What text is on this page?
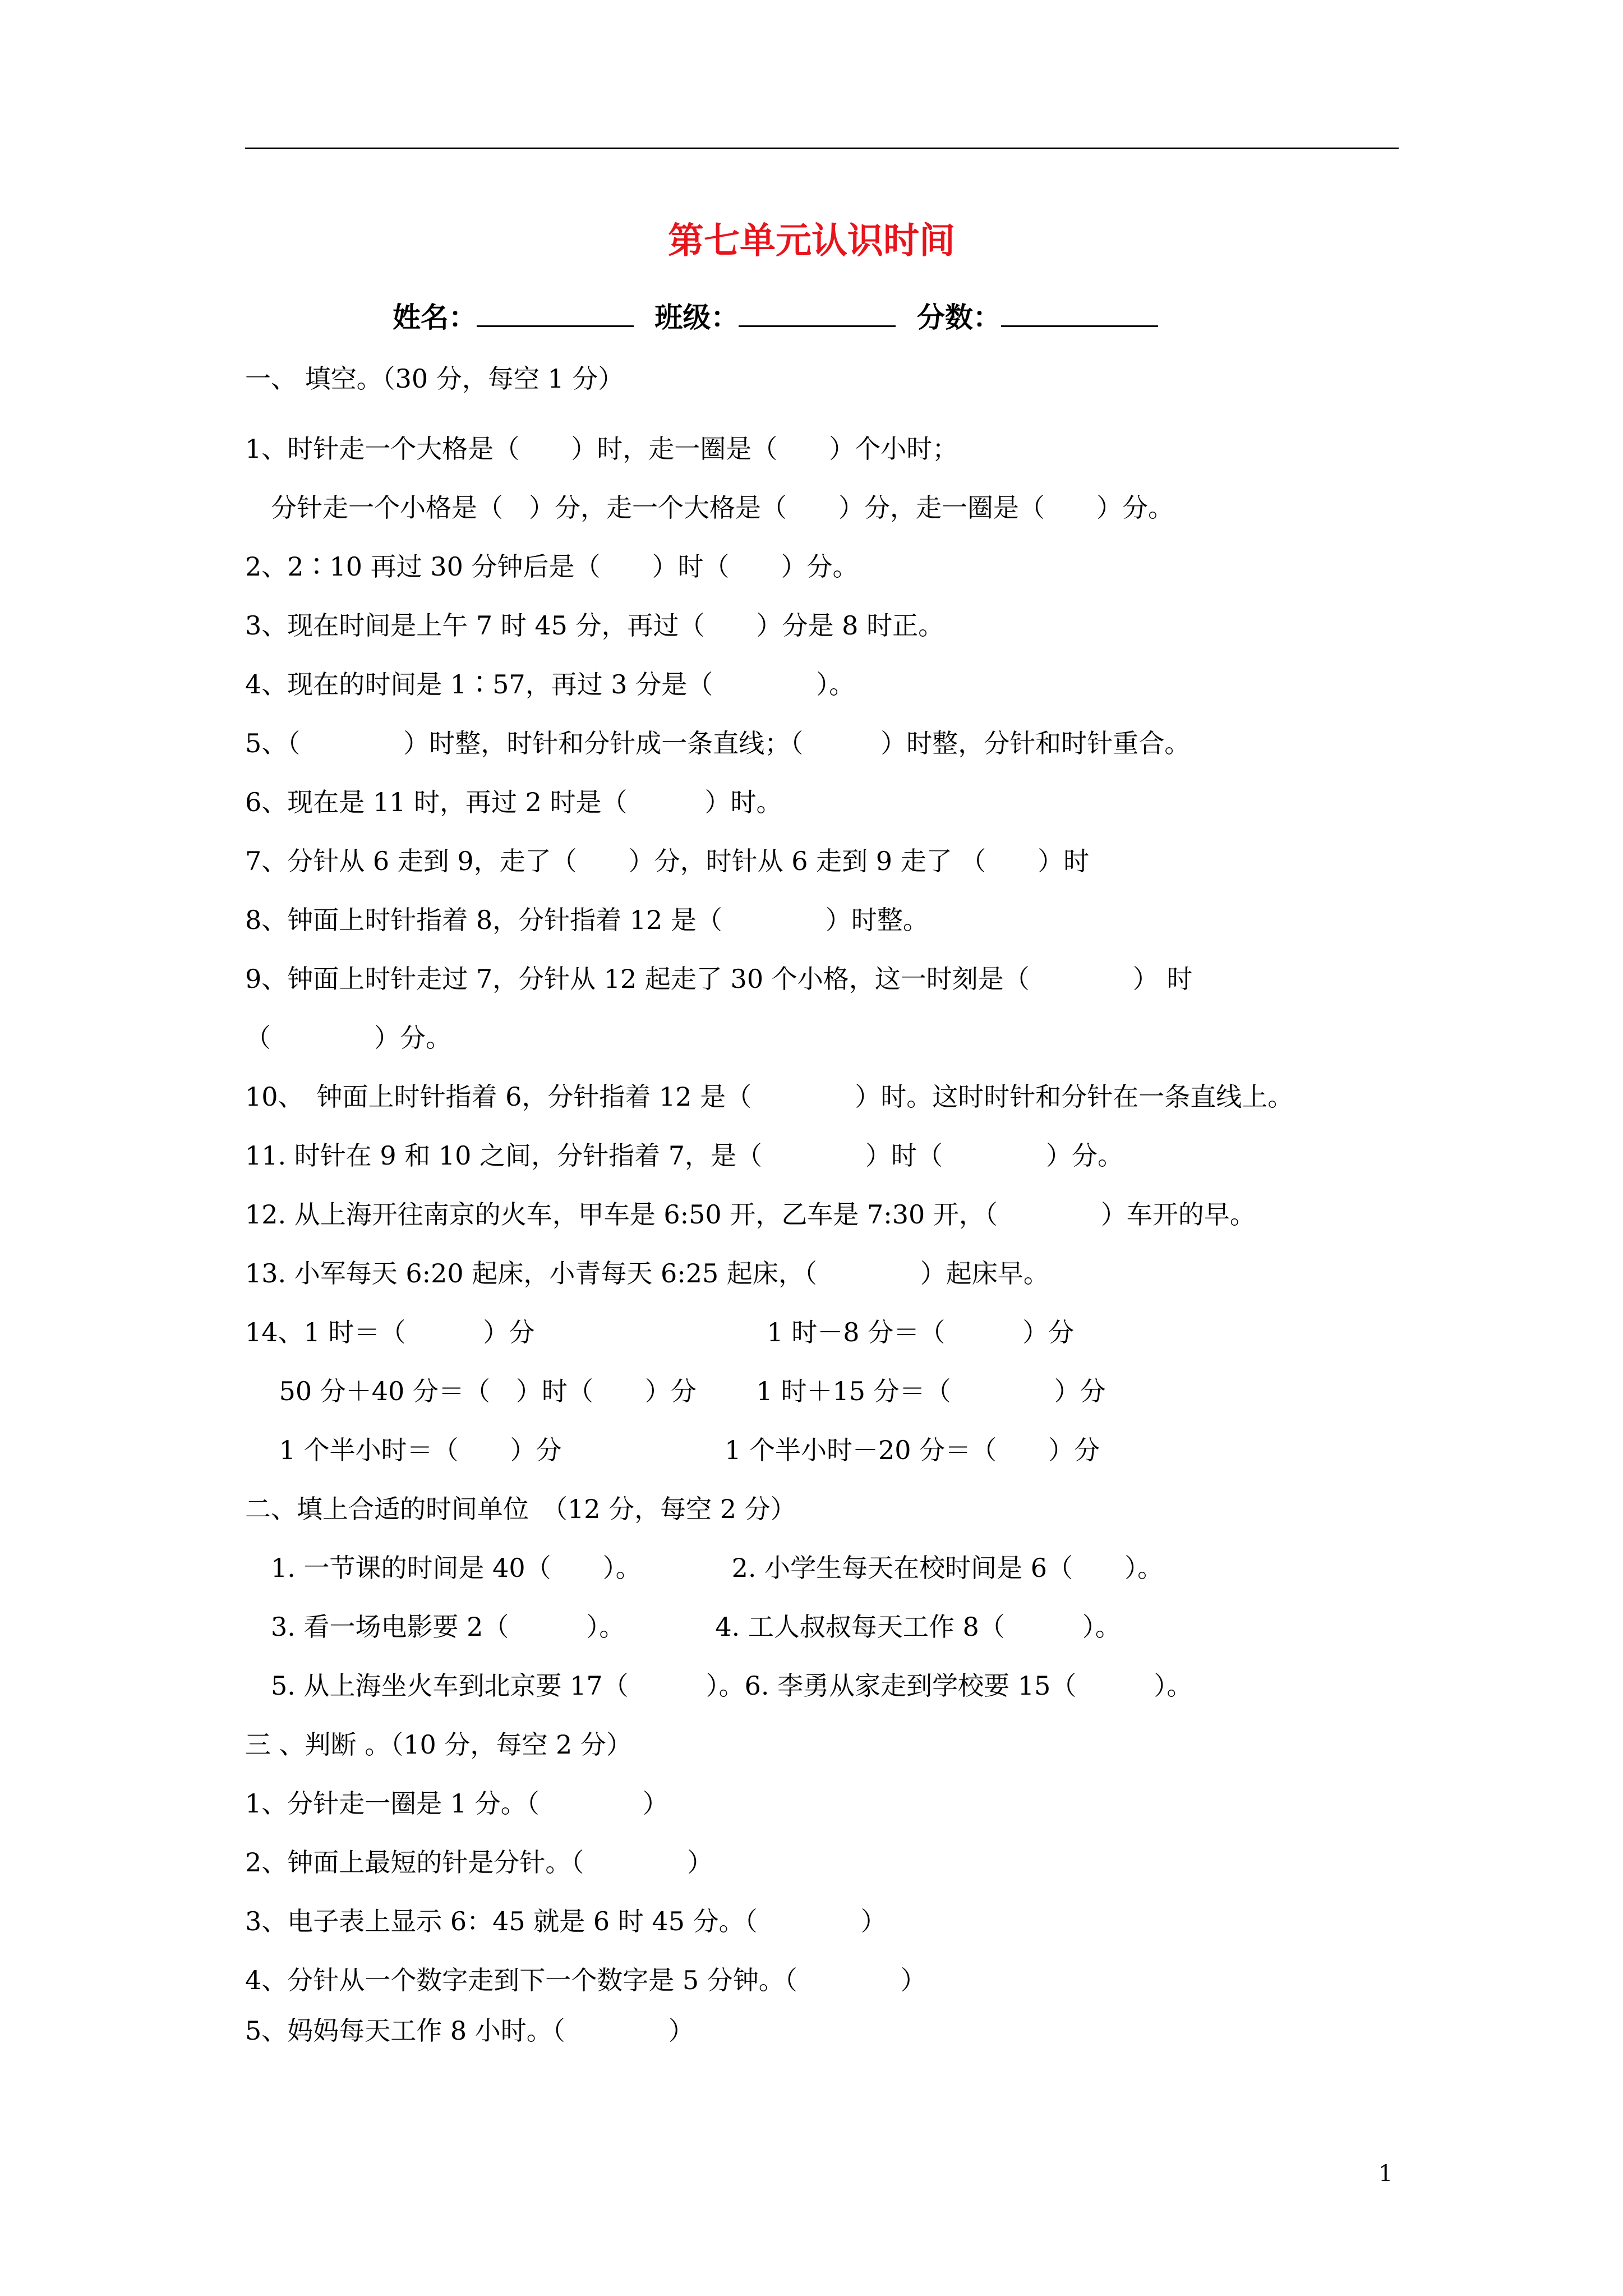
第七单元认识时间
姓名：	班级：	分数：
一、 填空。（30 分，每空 1 分）
1、时针走一个大格是（　　）时，走一圈是（　　）个小时；
　分针走一个小格是（　）分，走一个大格是（　　）分，走一圈是（　　）分。
2、2∶10 再过 30 分钟后是（　　）时（　　）分。
3、现在时间是上午 7 时 45 分，再过（　　）分是 8 时正。
4、现在的时间是 1∶57，再过 3 分是（　　　　）。
5、（　　　　）时整，时针和分针成一条直线；（　　　）时整，分针和时针重合。
6、现在是 11 时，再过 2 时是（　　　）时。
7、分针从 6 走到 9，走了（　　）分，时针从 6 走到 9 走了 （　　）时
8、钟面上时针指着 8，分针指着 12 是（　　　　）时整。
9、钟面上时针走过 7，分针从 12 起走了 30 个小格，这一时刻是（　　　　） 时
（　　　　）分。
10、　钟面上时针指着 6，分针指着 12 是（　　　　）时。这时时针和分针在一条直线上。
11. 时针在 9 和 10 之间，分针指着 7，是（　　　　）时（　　　　）分。
12. 从上海开往南京的火车，甲车是 6:50 开，乙车是 7:30 开，（　　　　）车开的早。
13. 小军每天 6:20 起床，小青每天 6:25 起床，（　　　　）起床早。
14、1 时＝（　　　）分　　　　　　　　　1 时－8 分＝（　　　）分
　 50 分＋40 分＝（　）时（　　）分　　 1 时＋15 分＝（　　　　）分
　 1 个半小时＝（　　）分　　　　　　 1 个半小时－20 分＝（　　）分
二、填上合适的时间单位　（12 分，每空 2 分）
　1. 一节课的时间是 40（　　）。　　　　2. 小学生每天在校时间是 6（　　）。
　3. 看一场电影要 2（　　　）。　　　　4. 工人叔叔每天工作 8（　　　）。
　5. 从上海坐火车到北京要 17（　　　）。6. 李勇从家走到学校要 15（　　　）。
三 、判断 。（10 分，每空 2 分）
1、分针走一圈是 1 分。（　　　　）
2、钟面上最短的针是分针。（　　　　）
3、电子表上显示 6：45 就是 6 时 45 分。（　　　　）
4、分针从一个数字走到下一个数字是 5 分钟。（　　　　）
5、妈妈每天工作 8 小时。（　　　　）
1
